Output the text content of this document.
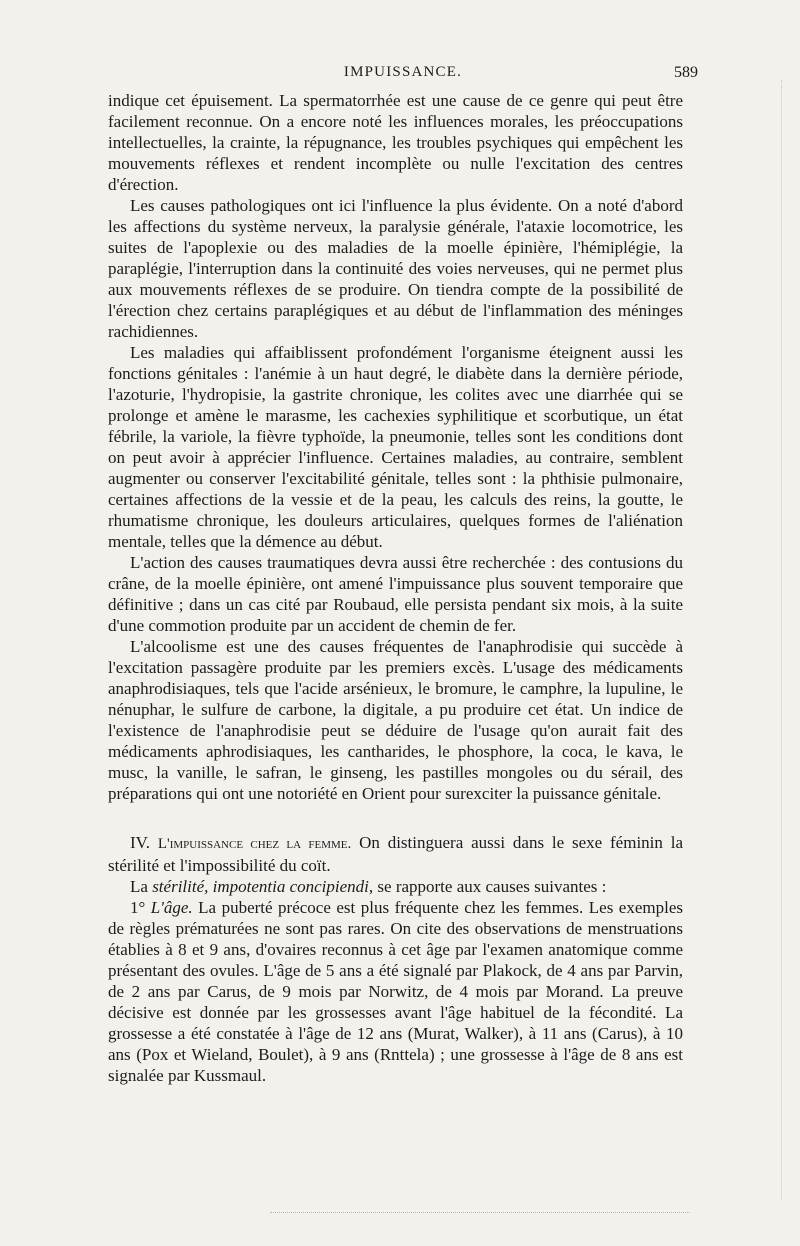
IMPUISSANCE.	589

indique cet épuisement. La spermatorrhée est une cause de ce genre qui peut être facilement reconnue. On a encore noté les influences morales, les préoccupations intellectuelles, la crainte, la répugnance, les troubles psychiques qui empêchent les mouvements réflexes et rendent incomplète ou nulle l'excitation des centres d'érection.

Les causes pathologiques ont ici l'influence la plus évidente. On a noté d'abord les affections du système nerveux, la paralysie générale, l'ataxie locomotrice, les suites de l'apoplexie ou des maladies de la moelle épinière, l'hémiplégie, la paraplégie, l'interruption dans la continuité des voies nerveuses, qui ne permet plus aux mouvements réflexes de se produire. On tiendra compte de la possibilité de l'érection chez certains paraplégiques et au début de l'inflammation des méninges rachidiennes.

Les maladies qui affaiblissent profondément l'organisme éteignent aussi les fonctions génitales : l'anémie à un haut degré, le diabète dans la dernière période, l'azoturie, l'hydropisie, la gastrite chronique, les colites avec une diarrhée qui se prolonge et amène le marasme, les cachexies syphilitique et scorbutique, un état fébrile, la variole, la fièvre typhoïde, la pneumonie, telles sont les conditions dont on peut avoir à apprécier l'influence. Certaines maladies, au contraire, semblent augmenter ou conserver l'excitabilité génitale, telles sont : la phthisie pulmonaire, certaines affections de la vessie et de la peau, les calculs des reins, la goutte, le rhumatisme chronique, les douleurs articulaires, quelques formes de l'aliénation mentale, telles que la démence au début.

L'action des causes traumatiques devra aussi être recherchée : des contusions du crâne, de la moelle épinière, ont amené l'impuissance plus souvent temporaire que définitive ; dans un cas cité par Roubaud, elle persista pendant six mois, à la suite d'une commotion produite par un accident de chemin de fer.

L'alcoolisme est une des causes fréquentes de l'anaphrodisie qui succède à l'excitation passagère produite par les premiers excès. L'usage des médicaments anaphrodisiaques, tels que l'acide arsénieux, le bromure, le camphre, la lupuline, le nénuphar, le sulfure de carbone, la digitale, a pu produire cet état. Un indice de l'existence de l'anaphrodisie peut se déduire de l'usage qu'on aurait fait des médicaments aphrodisiaques, les cantharides, le phosphore, la coca, le kava, le musc, la vanille, le safran, le ginseng, les pastilles mongoles ou du sérail, des préparations qui ont une notoriété en Orient pour surexciter la puissance génitale.

IV. L'impuissance chez la femme. On distinguera aussi dans le sexe féminin la stérilité et l'impossibilité du coït.

La stérilité, impotentia concipiendi, se rapporte aux causes suivantes :

1° L'âge. La puberté précoce est plus fréquente chez les femmes. Les exemples de règles prématurées ne sont pas rares. On cite des observations de menstruations établies à 8 et 9 ans, d'ovaires reconnus à cet âge par l'examen anatomique comme présentant des ovules. L'âge de 5 ans a été signalé par Plakock, de 4 ans par Parvin, de 2 ans par Carus, de 9 mois par Norwitz, de 4 mois par Morand. La preuve décisive est donnée par les grossesses avant l'âge habituel de la fécondité. La grossesse a été constatée à l'âge de 12 ans (Murat, Walker), à 11 ans (Carus), à 10 ans (Pox et Wieland, Boulet), à 9 ans (Rnttela) ; une grossesse à l'âge de 8 ans est signalée par Kussmaul.
